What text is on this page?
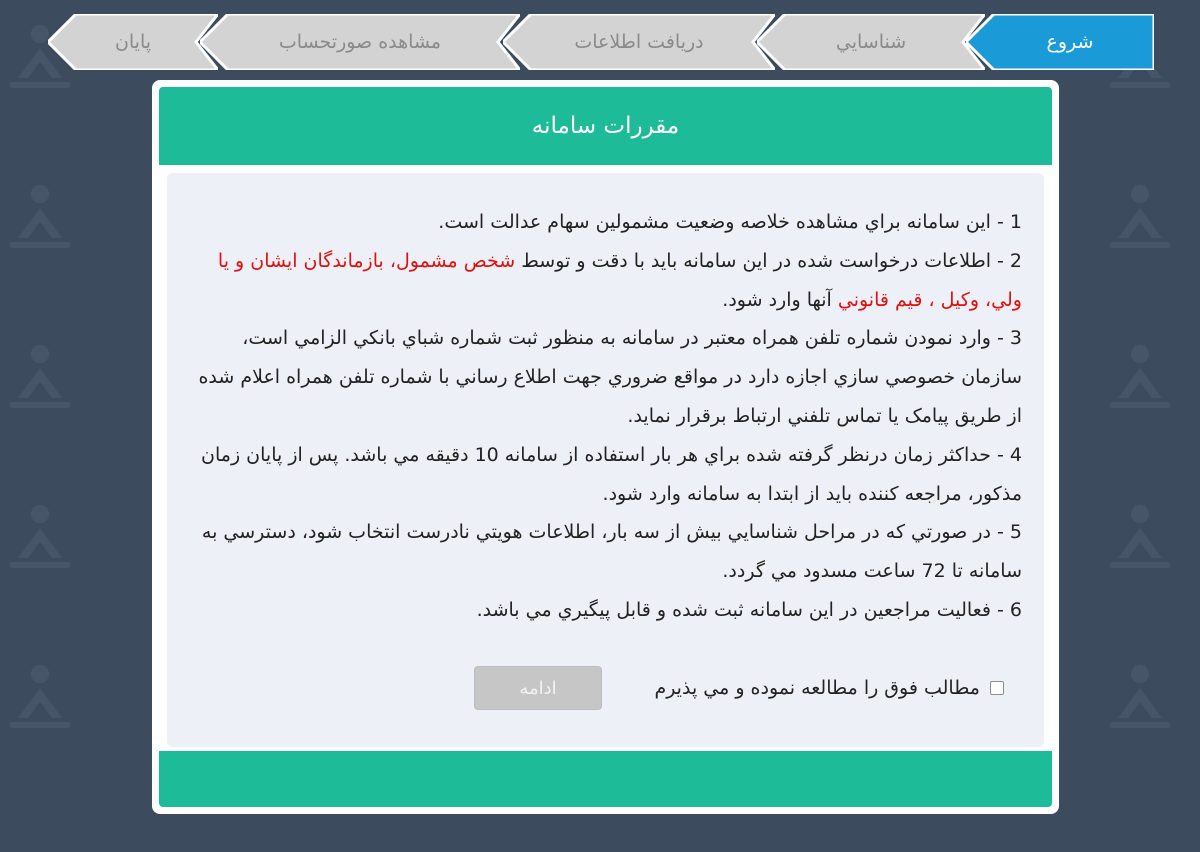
پايان	مشاهده صورتحساب	دريافت اطلاعات	شناسايي	شروع
مقررات سامانه

1 - اين سامانه براي مشاهده خلاصه وضعيت مشمولين سهام عدالت است.

2 - اطلاعات درخواست شده در اين سامانه بايد با دقت و توسط شخص مشمول، بازماندگان ايشان و يا ولي، وکيل ، قيم قانوني آنها وارد شود.

3 - وارد نمودن شماره تلفن همراه معتبر در سامانه به منظور ثبت شماره شباي بانکي الزامي است، سازمان خصوصي سازي اجازه دارد در مواقع ضروري جهت اطلاع رساني با شماره تلفن همراه اعلام شده از طريق پيامک يا تماس تلفني ارتباط برقرار نمايد.

4 - حداکثر زمان درنظر گرفته شده براي هر بار استفاده از سامانه 10 دقيقه مي باشد. پس از پايان زمان مذکور، مراجعه کننده بايد از ابتدا به سامانه وارد شود.

5 - در صورتي که در مراحل شناسايي بيش از سه بار، اطلاعات هويتي نادرست انتخاب شود، دسترسي به سامانه تا 72 ساعت مسدود مي گردد.

6 - فعاليت مراجعين در اين سامانه ثبت شده و قابل پيگيري مي باشد.

مطالب فوق را مطالعه نموده و مي پذيرم
ادامه
